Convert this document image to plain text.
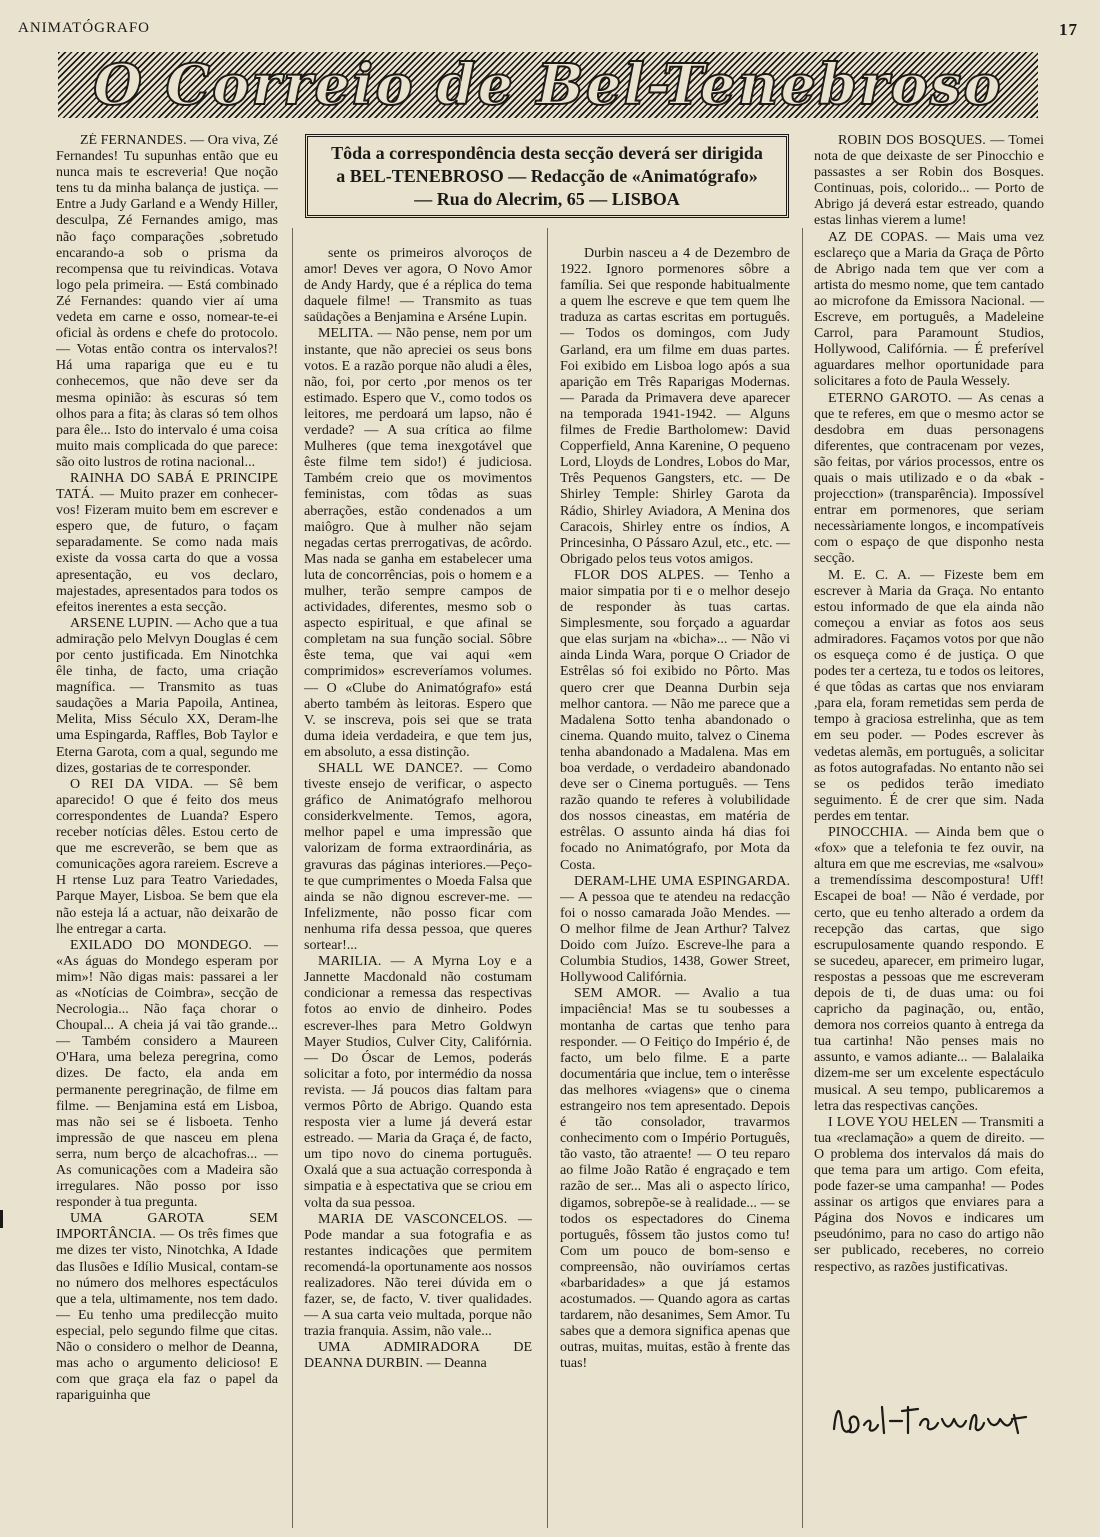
ANIMATÓGRAFO	17
O Correio de Bel-Tenebroso
Tôda a correspondência desta secção deverá ser dirigida
a BEL-TENEBROSO — Redacção de «Animatógrafo»
— Rua do Alecrim, 65 — LISBOA

ZÉ FERNANDES. — Ora viva, Zé Fernandes! Tu supunhas então que eu nunca mais te escreveria! Que noção tens tu da minha balança de justiça. — Entre a Judy Garland e a Wendy Hiller, desculpa, Zé Fernandes amigo, mas não faço comparações ,sobretudo encarando-a sob o prisma da recompensa que tu reivindicas. Votava logo pela primeira. — Está combinado Zé Fernandes: quando vier aí uma vedeta em carne e osso, nomear-te-ei oficial às ordens e chefe do protocolo. — Votas então contra os intervalos?! Há uma rapariga que eu e tu conhecemos, que não deve ser da mesma opinião: às escuras só tem olhos para a fita; às claras só tem olhos para êle... Isto do intervalo é uma coisa muito mais complicada do que parece: são oito lustros de rotina nacional...

RAINHA DO SABÁ E PRINCIPE TATÁ. — Muito prazer em conhecer-vos! Fizeram muito bem em escrever e espero que, de futuro, o façam separadamente. Se como nada mais existe da vossa carta do que a vossa apresentação, eu vos declaro, majestades, apresentados para todos os efeitos inerentes a esta secção.

ARSENE LUPIN. — Acho que a tua admiração pelo Melvyn Douglas é cem por cento justificada. Em Ninotchka êle tinha, de facto, uma criação magnífica. — Transmito as tuas saudações a Maria Papoila, Antinea, Melita, Miss Século XX, Deram-lhe uma Espingarda, Raffles, Bob Taylor e Eterna Garota, com a qual, segundo me dizes, gostarias de te corresponder.

O REI DA VIDA. — Sê bem aparecido! O que é feito dos meus correspondentes de Luanda? Espero receber notícias dêles. Estou certo de que me escreverão, se bem que as comunicações agora rareiem. Escreve a H rtense Luz para Teatro Variedades, Parque Mayer, Lisboa. Se bem que ela não esteja lá a actuar, não deixarão de lhe entregar a carta.

EXILADO DO MONDEGO. — «As águas do Mondego esperam por mim»! Não digas mais: passarei a ler as «Notícias de Coimbra», secção de Necrologia... Não faça chorar o Choupal... A cheia já vai tão grande... — Também considero a Maureen O'Hara, uma beleza peregrina, como dizes. De facto, ela anda em permanente peregrinação, de filme em filme. — Benjamina está em Lisboa, mas não sei se é lisboeta. Tenho impressão de que nasceu em plena serra, num berço de alcachofras... — As comunicações com a Madeira são irregulares. Não posso por isso responder à tua pregunta.

UMA GAROTA SEM IMPORTÂNCIA. — Os três fimes que me dizes ter visto, Ninotchka, A Idade das Ilusões e Idílio Musical, contam-se no número dos melhores espectáculos que a tela, ultimamente, nos tem dado. — Eu tenho uma predilecção muito especial, pelo segundo filme que citas. Não o considero o melhor de Deanna, mas acho o argumento delicioso! E com que graça ela faz o papel da rapariguinha que

sente os primeiros alvoroços de amor! Deves ver agora, O Novo Amor de Andy Hardy, que é a réplica do tema daquele filme! — Transmito as tuas saüdações a Benjamina e Arséne Lupin.

MELITA. — Não pense, nem por um instante, que não apreciei os seus bons votos. E a razão porque não aludi a êles, não, foi, por certo ,por menos os ter estimado. Espero que V., como todos os leitores, me perdoará um lapso, não é verdade? — A sua crítica ao filme Mulheres (que tema inexgotável que êste filme tem sido!) é judiciosa. Também creio que os movimentos feministas, com tôdas as suas aberrações, estão condenados a um maiôgro. Que à mulher não sejam negadas certas prerrogativas, de acôrdo. Mas nada se ganha em estabelecer uma luta de concorrências, pois o homem e a mulher, terão sempre campos de actividades, diferentes, mesmo sob o aspecto espiritual, e que afinal se completam na sua função social. Sôbre êste tema, que vai aqui «em comprimidos» escreveríamos volumes. — O «Clube do Animatógrafo» está aberto também às leitoras. Espero que V. se inscreva, pois sei que se trata duma ideia verdadeira, e que tem jus, em absoluto, a essa distinção.

SHALL WE DANCE?. — Como tiveste ensejo de verificar, o aspecto gráfico de Animatógrafo melhorou considerkvelmente. Temos, agora, melhor papel e uma impressão que valorizam de forma extraordinária, as gravuras das páginas interiores.—Peço-te que cumprimentes o Moeda Falsa que ainda se não dignou escrever-me. — Infelizmente, não posso ficar com nenhuma rifa dessa pessoa, que queres sortear!...

MARILIA. — A Myrna Loy e a Jannette Macdonald não costumam condicionar a remessa das respectivas fotos ao envio de dinheiro. Podes escrever-lhes para Metro Goldwyn Mayer Studios, Culver City, Califórnia. — Do Óscar de Lemos, poderás solicitar a foto, por intermédio da nossa revista. — Já poucos dias faltam para vermos Pôrto de Abrigo. Quando esta resposta vier a lume já deverá estar estreado. — Maria da Graça é, de facto, um tipo novo do cinema português. Oxalá que a sua actuação corresponda à simpatia e à espectativa que se criou em volta da sua pessoa.

MARIA DE VASCONCELOS. — Pode mandar a sua fotografia e as restantes indicações que permitem recomendá-la oportunamente aos nossos realizadores. Não terei dúvida em o fazer, se, de facto, V. tiver qualidades. — A sua carta veio multada, porque não trazia franquia. Assim, não vale...

UMA ADMIRADORA DE DEANNA DURBIN. — Deanna

Durbin nasceu a 4 de Dezembro de 1922. Ignoro pormenores sôbre a família. Sei que responde habitualmente a quem lhe escreve e que tem quem lhe traduza as cartas escritas em português. — Todos os domingos, com Judy Garland, era um filme em duas partes. Foi exibido em Lisboa logo após a sua aparição em Três Raparigas Modernas. — Parada da Primavera deve aparecer na temporada 1941-1942. — Alguns filmes de Fredie Bartholomew: David Copperfield, Anna Karenine, O pequeno Lord, Lloyds de Londres, Lobos do Mar, Três Pequenos Gangsters, etc. — De Shirley Temple: Shirley Garota da Rádio, Shirley Aviadora, A Menina dos Caracois, Shirley entre os índios, A Princesinha, O Pássaro Azul, etc., etc. — Obrigado pelos teus votos amigos.

FLOR DOS ALPES. — Tenho a maior simpatia por ti e o melhor desejo de responder às tuas cartas. Simplesmente, sou forçado a aguardar que elas surjam na «bicha»... — Não vi ainda Linda Wara, porque O Criador de Estrêlas só foi exibido no Pôrto. Mas quero crer que Deanna Durbin seja melhor cantora. — Não me parece que a Madalena Sotto tenha abandonado o cinema. Quando muito, talvez o Cinema tenha abandonado a Madalena. Mas em boa verdade, o verdadeiro abandonado deve ser o Cinema português. — Tens razão quando te referes à volubilidade dos nossos cineastas, em matéria de estrêlas. O assunto ainda há dias foi focado no Animatógrafo, por Mota da Costa.

DERAM-LHE UMA ESPINGARDA. — A pessoa que te atendeu na redacção foi o nosso camarada João Mendes. — O melhor filme de Jean Arthur? Talvez Doido com Juízo. Escreve-lhe para a Columbia Studios, 1438, Gower Street, Hollywood Califórnia.

SEM AMOR. — Avalio a tua impaciência! Mas se tu soubesses a montanha de cartas que tenho para responder. — O Feitiço do Império é, de facto, um belo filme. E a parte documentária que inclue, tem o interêsse das melhores «viagens» que o cinema estrangeiro nos tem apresentado. Depois é tão consolador, travarmos conhecimento com o Império Português, tão vasto, tão atraente! — O teu reparo ao filme João Ratão é engraçado e tem razão de ser... Mas ali o aspecto lírico, digamos, sobrepõe-se à realidade... — se todos os espectadores do Cinema português, fôssem tão justos como tu! Com um pouco de bom-senso e compreensão, não ouviríamos certas «barbaridades» a que já estamos acostumados. — Quando agora as cartas tardarem, não desanimes, Sem Amor. Tu sabes que a demora significa apenas que outras, muitas, muitas, estão à frente das tuas!

ROBIN DOS BOSQUES. — Tomei nota de que deixaste de ser Pinocchio e passastes a ser Robin dos Bosques. Continuas, pois, colorido... — Porto de Abrigo já deverá estar estreado, quando estas linhas vierem a lume!

AZ DE COPAS. — Mais uma vez esclareço que a Maria da Graça de Pôrto de Abrigo nada tem que ver com a artista do mesmo nome, que tem cantado ao microfone da Emissora Nacional. — Escreve, em português, a Madeleine Carrol, para Paramount Studios, Hollywood, Califórnia. — É preferível aguardares melhor oportunidade para solicitares a foto de Paula Wessely.

ETERNO GAROTO. — As cenas a que te referes, em que o mesmo actor se desdobra em duas personagens diferentes, que contracenam por vezes, são feitas, por vários processos, entre os quais o mais utilizado e o da «bak - projecction» (transparência). Impossível entrar em pormenores, que seriam necessàriamente longos, e incompatíveis com o espaço de que disponho nesta secção.

M. E. C. A. — Fizeste bem em escrever à Maria da Graça. No entanto estou informado de que ela ainda não começou a enviar as fotos aos seus admiradores. Façamos votos por que não os esqueça como é de justiça. O que podes ter a certeza, tu e todos os leitores, é que tôdas as cartas que nos enviaram ,para ela, foram remetidas sem perda de tempo à graciosa estrelinha, que as tem em seu poder. — Podes escrever às vedetas alemãs, em português, a solicitar as fotos autografadas. No entanto não sei se os pedidos terão imediato seguimento. É de crer que sim. Nada perdes em tentar.

PINOCCHIA. — Ainda bem que o «fox» que a telefonia te fez ouvir, na altura em que me escrevias, me «salvou» a tremendíssima descompostura! Uff! Escapei de boa! — Não é verdade, por certo, que eu tenho alterado a ordem da recepção das cartas, que sigo escrupulosamente quando respondo. E se sucedeu, aparecer, em primeiro lugar, respostas a pessoas que me escreveram depois de ti, de duas uma: ou foi capricho da paginação, ou, então, demora nos correios quanto à entrega da tua cartinha! Não penses mais no assunto, e vamos adiante... — Balalaika dizem-me ser um excelente espectáculo musical. A seu tempo, publicaremos a letra das respectivas canções.

I LOVE YOU HELEN — Transmiti a tua «reclamação» a quem de direito. — O problema dos intervalos dá mais do que tema para um artigo. Com efeita, pode fazer-se uma campanha! — Podes assinar os artigos que enviares para a Página dos Novos e indicares um pseudónimo, para no caso do artigo não ser publicado, receberes, no correio respectivo, as razões justificativas.
